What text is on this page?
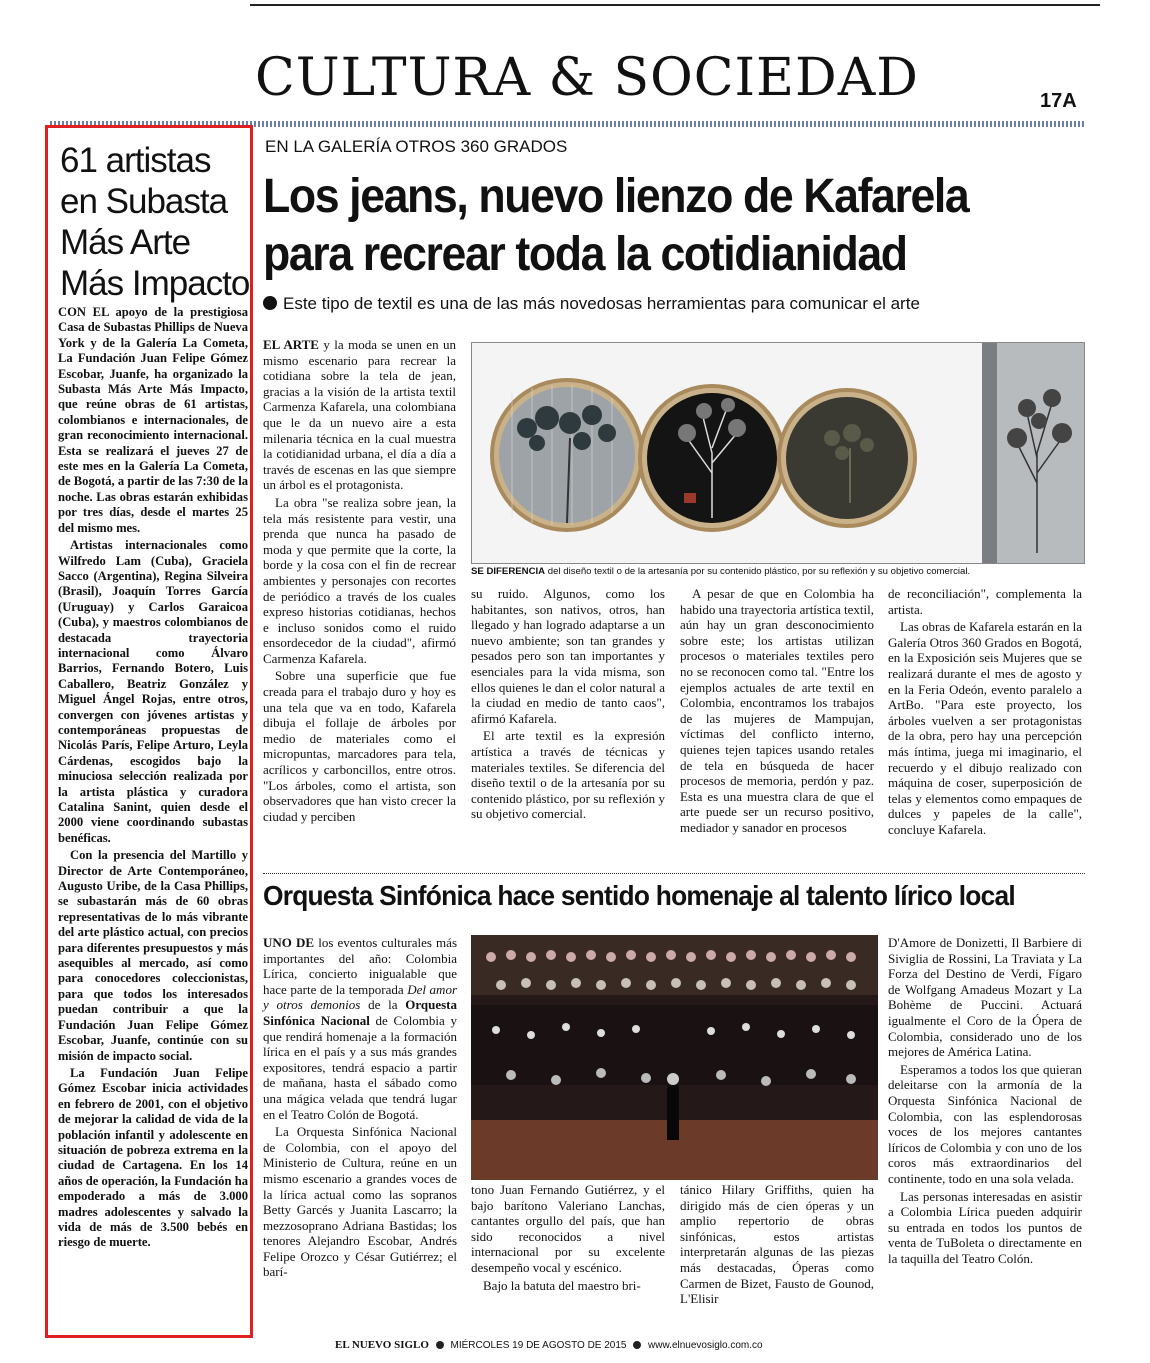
CULTURA & SOCIEDAD	17A
61 artistas
en Subasta
Más Arte
Más Impacto

CON EL apoyo de la prestigiosa Casa de Subastas Phillips de Nueva York y de la Galería La Cometa, La Fundación Juan Felipe Gómez Escobar, Juanfe, ha organizado la Subasta Más Arte Más Impacto, que reúne obras de 61 artistas, colombianos e internacionales, de gran reconocimiento internacional. Esta se realizará el jueves 27 de este mes en la Galería La Cometa, de Bogotá, a partir de las 7:30 de la noche. Las obras estarán exhibidas por tres días, desde el martes 25 del mismo mes.

Artistas internacionales como Wilfredo Lam (Cuba), Graciela Sacco (Argentina), Regina Silveira (Brasil), Joaquín Torres García (Uruguay) y Carlos Garaicoa (Cuba), y maestros colombianos de destacada trayectoria internacional como Álvaro Barrios, Fernando Botero, Luis Caballero, Beatriz González y Miguel Ángel Rojas, entre otros, convergen con jóvenes artistas y contemporáneas propuestas de Nicolás París, Felipe Arturo, Leyla Cárdenas, escogidos bajo la minuciosa selección realizada por la artista plástica y curadora Catalina Sanint, quien desde el 2000 viene coordinando subastas benéficas.

Con la presencia del Martillo y Director de Arte Contemporáneo, Augusto Uribe, de la Casa Phillips, se subastarán más de 60 obras representativas de lo más vibrante del arte plástico actual, con precios para diferentes presupuestos y más asequibles al mercado, así como para conocedores coleccionistas, para que todos los interesados puedan contribuir a que la Fundación Juan Felipe Gómez Escobar, Juanfe, continúe con su misión de impacto social.

La Fundación Juan Felipe Gómez Escobar inicia actividades en febrero de 2001, con el objetivo de mejorar la calidad de vida de la población infantil y adolescente en situación de pobreza extrema en la ciudad de Cartagena. En los 14 años de operación, la Fundación ha empoderado a más de 3.000 madres adolescentes y salvado la vida de más de 3.500 bebés en riesgo de muerte.

EN LA GALERÍA OTROS 360 GRADOS
Los jeans, nuevo lienzo de Kafarela
para recrear toda la cotidianidad
Este tipo de textil es una de las más novedosas herramientas para comunicar el arte
SE DIFERENCIA del diseño textil o de la artesanía por su contenido plástico, por su reflexión y su objetivo comercial.

EL ARTE y la moda se unen en un mismo escenario para recrear la cotidiana sobre la tela de jean, gracias a la visión de la artista textil Carmenza Kafarela, una colombiana que le da un nuevo aire a esta milenaria técnica en la cual muestra la cotidianidad urbana, el día a día a través de escenas en las que siempre un árbol es el protagonista.

La obra "se realiza sobre jean, la tela más resistente para vestir, una prenda que nunca ha pasado de moda y que permite que la corte, la borde y la cosa con el fin de recrear ambientes y personajes con recortes de periódico a través de los cuales expreso historias cotidianas, hechos e incluso sonidos como el ruido ensordecedor de la ciudad", afirmó Carmenza Kafarela.

Sobre una superficie que fue creada para el trabajo duro y hoy es una tela que va en todo, Kafarela dibuja el follaje de árboles por medio de materiales como el micropuntas, marcadores para tela, acrílicos y carboncillos, entre otros. "Los árboles, como el artista, son observadores que han visto crecer la ciudad y perciben

su ruido. Algunos, como los habitantes, son nativos, otros, han llegado y han logrado adaptarse a un nuevo ambiente; son tan grandes y pesados pero son tan importantes y esenciales para la vida misma, son ellos quienes le dan el color natural a la ciudad en medio de tanto caos", afirmó Kafarela.

El arte textil es la expresión artística a través de técnicas y materiales textiles. Se diferencia del diseño textil o de la artesanía por su contenido plástico, por su reflexión y su objetivo comercial.

A pesar de que en Colombia ha habido una trayectoria artística textil, aún hay un gran desconocimiento sobre este; los artistas utilizan procesos o materiales textiles pero no se reconocen como tal. "Entre los ejemplos actuales de arte textil en Colombia, encontramos los trabajos de las mujeres de Mampujan, víctimas del conflicto interno, quienes tejen tapices usando retales de tela en búsqueda de hacer procesos de memoria, perdón y paz. Esta es una muestra clara de que el arte puede ser un recurso positivo, mediador y sanador en procesos

de reconciliación", complementa la artista.

Las obras de Kafarela estarán en la Galería Otros 360 Grados en Bogotá, en la Exposición seis Mujeres que se realizará durante el mes de agosto y en la Feria Odeón, evento paralelo a ArtBo. "Para este proyecto, los árboles vuelven a ser protagonistas de la obra, pero hay una percepción más íntima, juega mi imaginario, el recuerdo y el dibujo realizado con máquina de coser, superposición de telas y elementos como empaques de dulces y papeles de la calle", concluye Kafarela.

Orquesta Sinfónica hace sentido homenaje al talento lírico local

UNO DE los eventos culturales más importantes del año: Colombia Lírica, concierto inigualable que hace parte de la temporada Del amor y otros demonios de la Orquesta Sinfónica Nacional de Colombia y que rendirá homenaje a la formación lírica en el país y a sus más grandes expositores, tendrá espacio a partir de mañana, hasta el sábado como una mágica velada que tendrá lugar en el Teatro Colón de Bogotá.

La Orquesta Sinfónica Nacional de Colombia, con el apoyo del Ministerio de Cultura, reúne en un mismo escenario a grandes voces de la lírica actual como las sopranos Betty Garcés y Juanita Lascarro; la mezzosoprano Adriana Bastidas; los tenores Alejandro Escobar, Andrés Felipe Orozco y César Gutiérrez; el barí-

tono Juan Fernando Gutiérrez, y el bajo barítono Valeriano Lanchas, cantantes orgullo del país, que han sido reconocidos a nivel internacional por su excelente desempeño vocal y escénico.

Bajo la batuta del maestro bri-

tánico Hilary Griffiths, quien ha dirigido más de cien óperas y un amplio repertorio de obras sinfónicas, estos artistas interpretarán algunas de las piezas más destacadas, Óperas como Carmen de Bizet, Fausto de Gounod, L'Elisir

D'Amore de Donizetti, Il Barbiere di Siviglia de Rossini, La Traviata y La Forza del Destino de Verdi, Fígaro de Wolfgang Amadeus Mozart y La Bohème de Puccini. Actuará igualmente el Coro de la Ópera de Colombia, considerado uno de los mejores de América Latina.

Esperamos a todos los que quieran deleitarse con la armonía de la Orquesta Sinfónica Nacional de Colombia, con las esplendorosas voces de los mejores cantantes líricos de Colombia y con uno de los coros más extraordinarios del continente, todo en una sola velada.

Las personas interesadas en asistir a Colombia Lírica pueden adquirir su entrada en todos los puntos de venta de TuBoleta o directamente en la taquilla del Teatro Colón.

EL NUEVO SIGLO MIÉRCOLES 19 DE AGOSTO DE 2015 www.elnuevosiglo.com.co
